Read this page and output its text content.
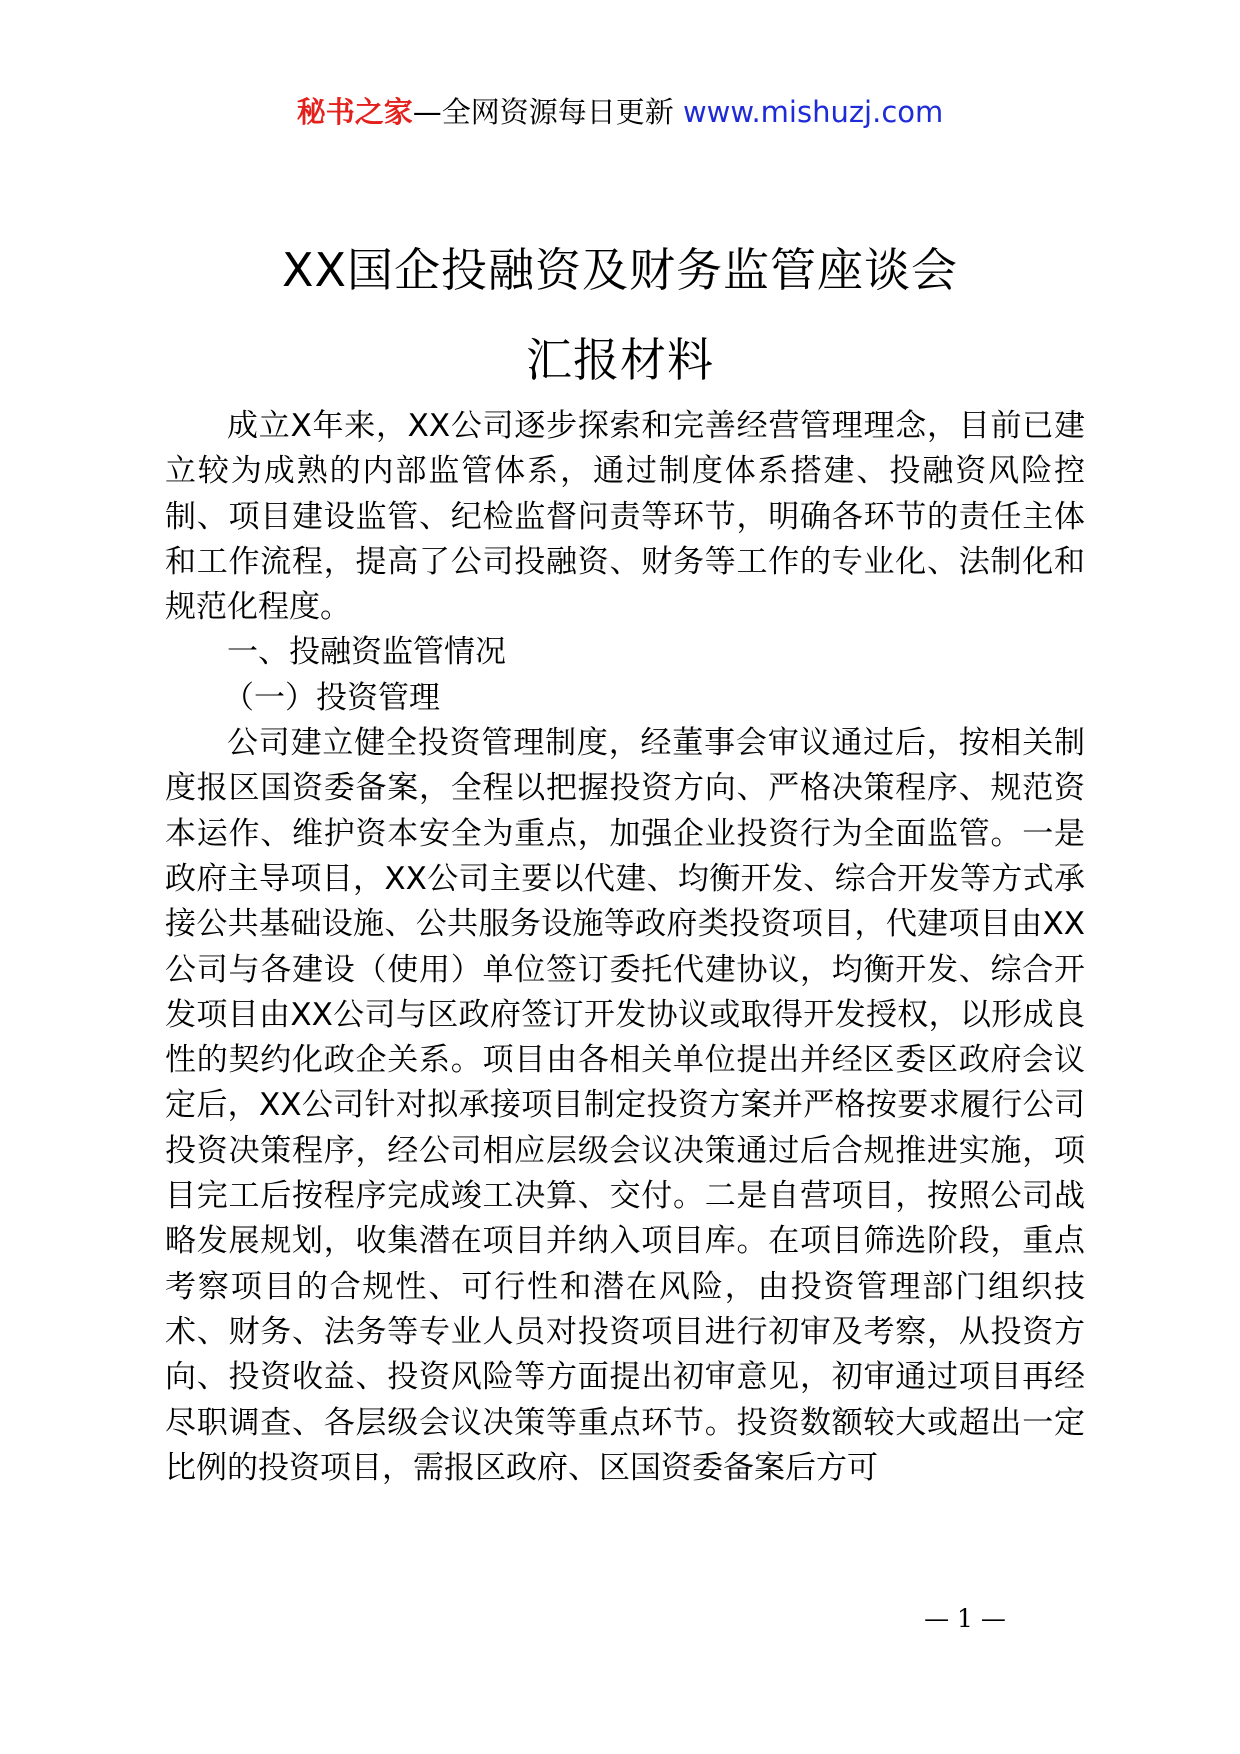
秘书之家—全网资源每日更新 www.mishuzj.com
XX国企投融资及财务监管座谈会
汇报材料

成立X年来，XX公司逐步探索和完善经营管理理念，目前已建立较为成熟的内部监管体系，通过制度体系搭建、投融资风险控制、项目建设监管、纪检监督问责等环节，明确各环节的责任主体和工作流程，提高了公司投融资、财务等工作的专业化、法制化和规范化程度。

一、投融资监管情况

（一）投资管理

公司建立健全投资管理制度，经董事会审议通过后，按相关制度报区国资委备案，全程以把握投资方向、严格决策程序、规范资本运作、维护资本安全为重点，加强企业投资行为全面监管。一是政府主导项目，XX公司主要以代建、均衡开发、综合开发等方式承接公共基础设施、公共服务设施等政府类投资项目，代建项目由XX公司与各建设（使用）单位签订委托代建协议，均衡开发、综合开发项目由XX公司与区政府签订开发协议或取得开发授权，以形成良性的契约化政企关系。项目由各相关单位提出并经区委区政府会议定后，XX公司针对拟承接项目制定投资方案并严格按要求履行公司投资决策程序，经公司相应层级会议决策通过后合规推进实施，项目完工后按程序完成竣工决算、交付。二是自营项目，按照公司战略发展规划，收集潜在项目并纳入项目库。在项目筛选阶段，重点考察项目的合规性、可行性和潜在风险，由投资管理部门组织技术、财务、法务等专业人员对投资项目进行初审及考察，从投资方向、投资收益、投资风险等方面提出初审意见，初审通过项目再经尽职调查、各层级会议决策等重点环节。投资数额较大或超出一定比例的投资项目，需报区政府、区国资委备案后方可

— 1 —
